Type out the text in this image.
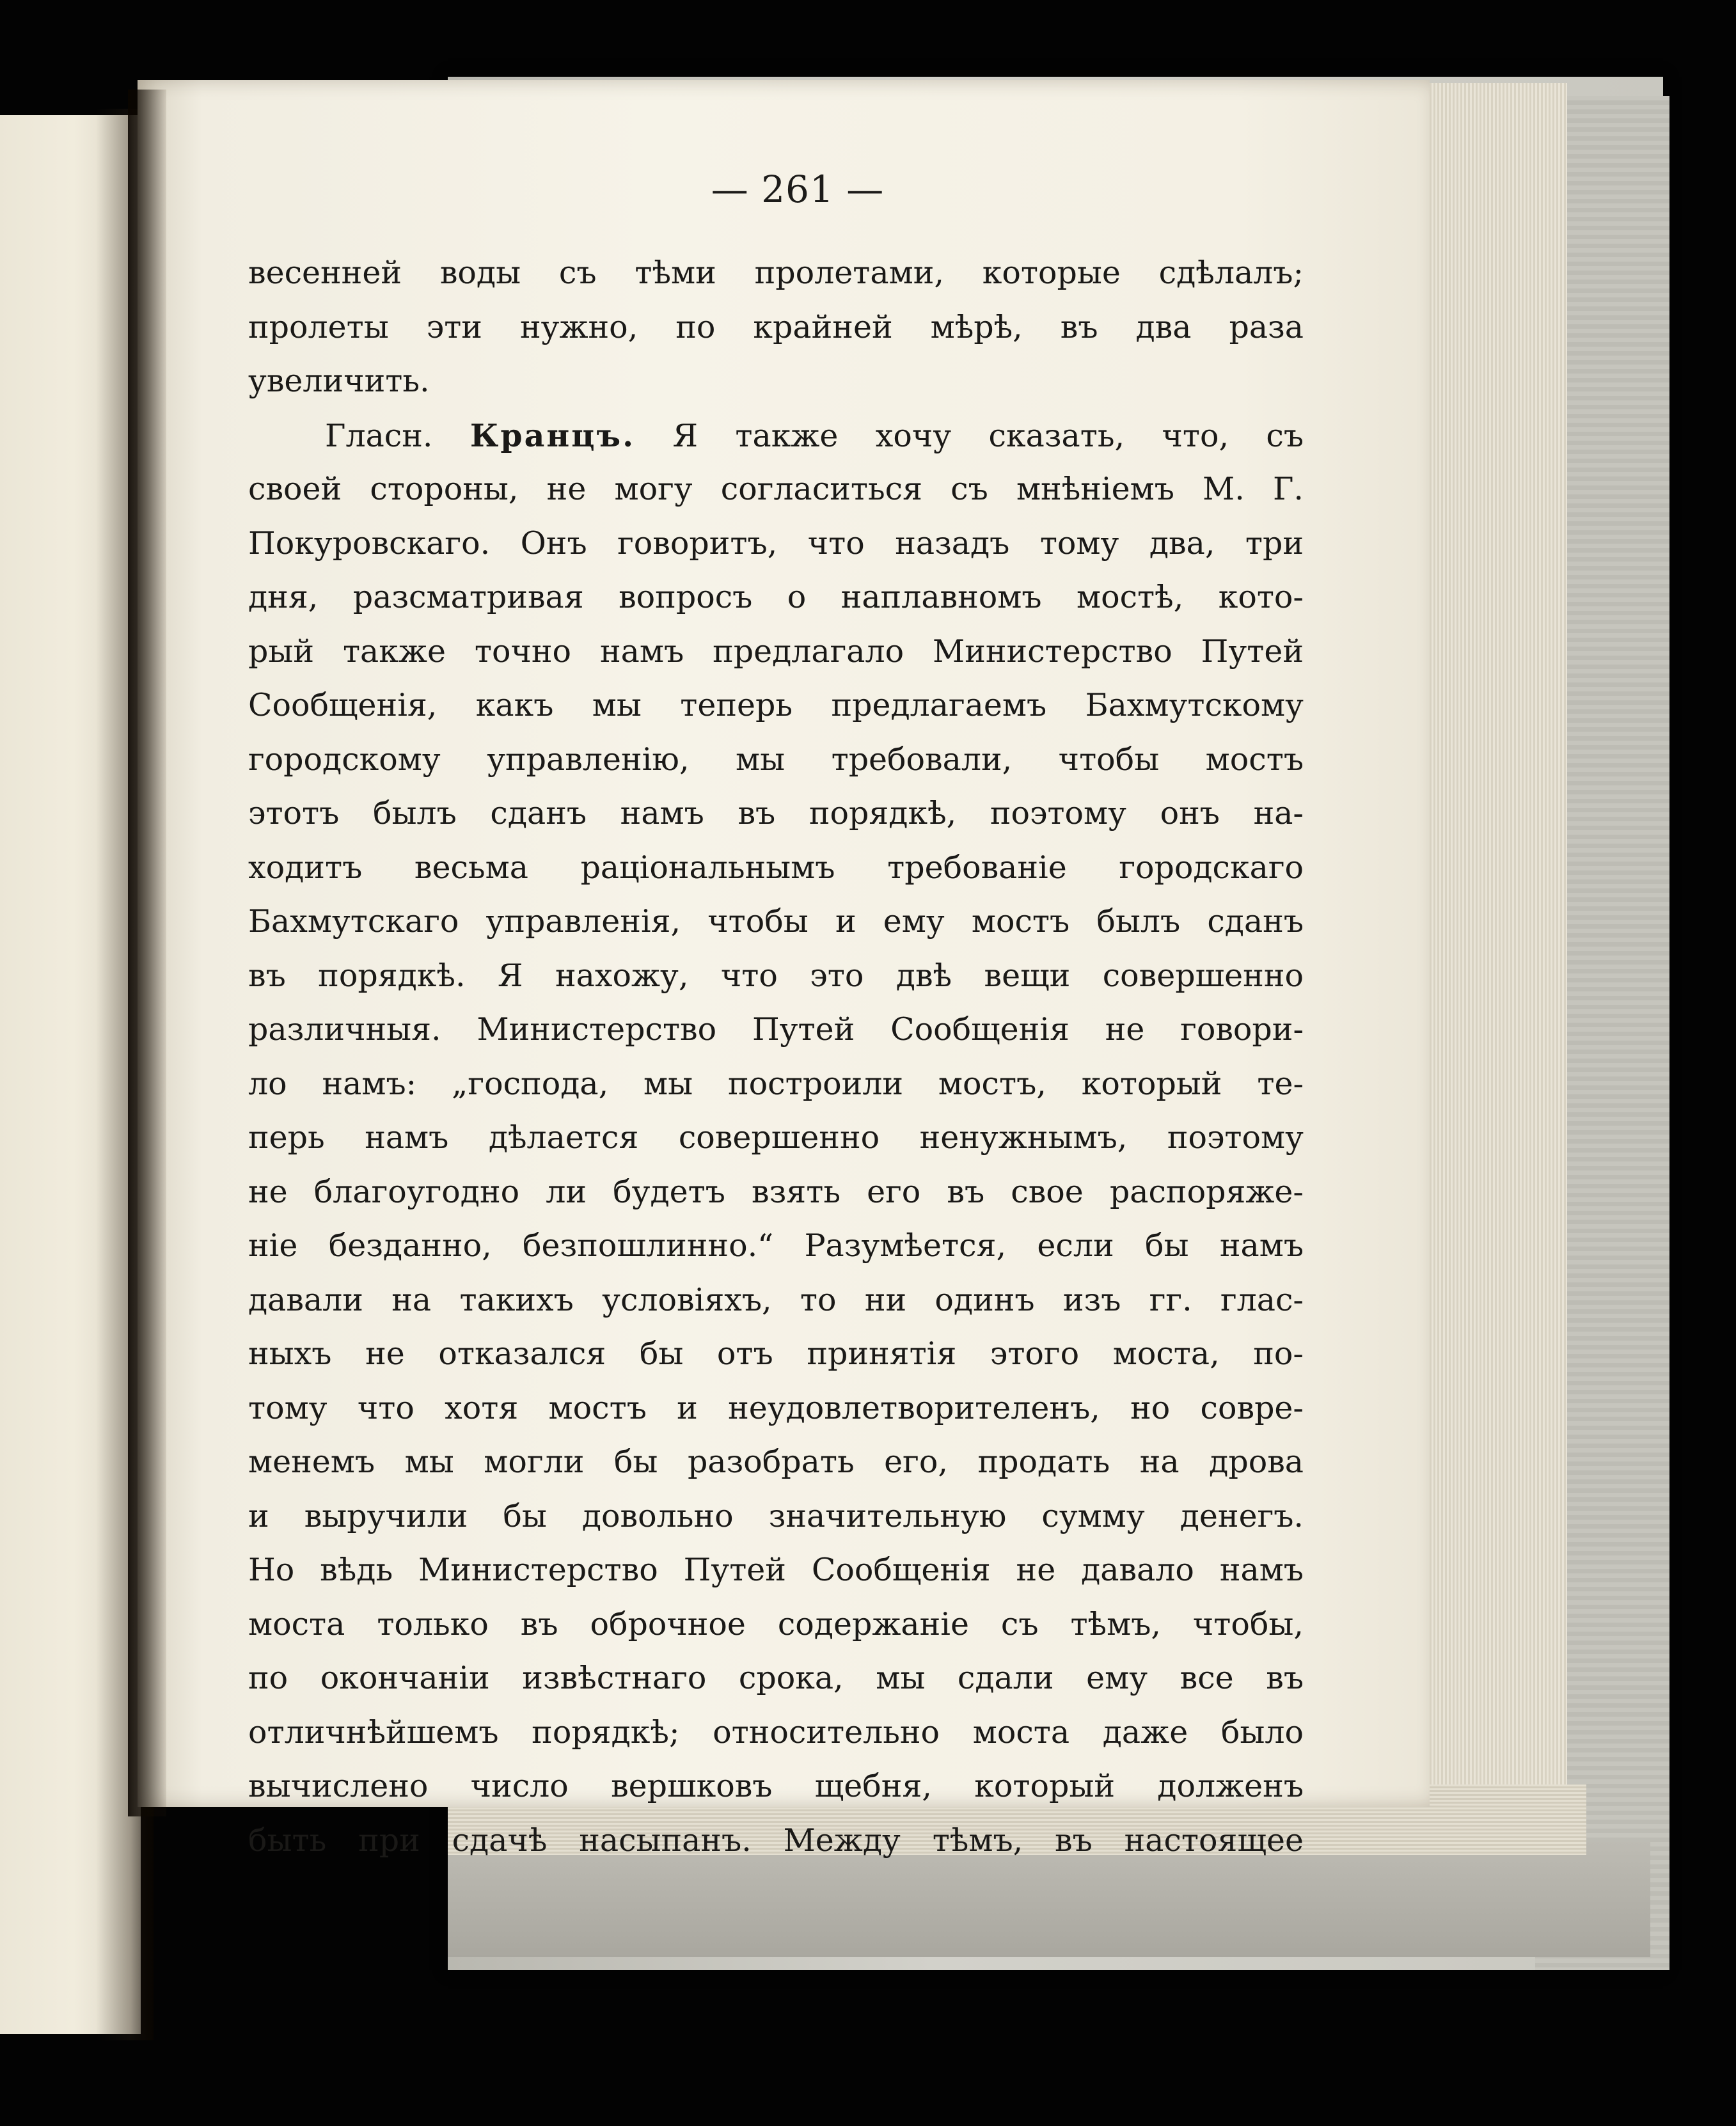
— 261 —
весенней воды съ тѣми пролетами, которые сдѣлалъ;
пролеты эти нужно, по крайней мѣрѣ, въ два раза
увеличить.
Гласн. Кранцъ. Я также хочу сказать, что, съ
своей стороны, не могу согласиться съ мнѣніемъ М. Г.
Покуровскаго. Онъ говоритъ, что назадъ тому два, три
дня, разсматривая вопросъ о наплавномъ мостѣ, кото-
рый также точно намъ предлагало Министерство Путей
Сообщенія, какъ мы теперь предлагаемъ Бахмутскому
городскому управленію, мы требовали, чтобы мостъ
этотъ былъ сданъ намъ въ порядкѣ, поэтому онъ на-
ходитъ весьма раціональнымъ требованіе городскаго
Бахмутскаго управленія, чтобы и ему мостъ былъ сданъ
въ порядкѣ. Я нахожу, что это двѣ вещи совершенно
различныя. Министерство Путей Сообщенія не говори-
ло намъ: „господа, мы построили мостъ, который те-
перь намъ дѣлается совершенно ненужнымъ, поэтому
не благоугодно ли будетъ взять его въ свое распоряже-
ніе безданно, безпошлинно.“ Разумѣется, если бы намъ
давали на такихъ условіяхъ, то ни одинъ изъ гг. глас-
ныхъ не отказался бы отъ принятія этого моста, по-
тому что хотя мостъ и неудовлетворителенъ, но совре-
менемъ мы могли бы разобрать его, продать на дрова
и выручили бы довольно значительную сумму денегъ.
Но вѣдь Министерство Путей Сообщенія не давало намъ
моста только въ оброчное содержаніе съ тѣмъ, чтобы,
по окончаніи извѣстнаго срока, мы сдали ему все въ
отличнѣйшемъ порядкѣ; относительно моста даже было
вычислено число вершковъ щебня, который долженъ
быть при сдачѣ насыпанъ. Между тѣмъ, въ настоящее
